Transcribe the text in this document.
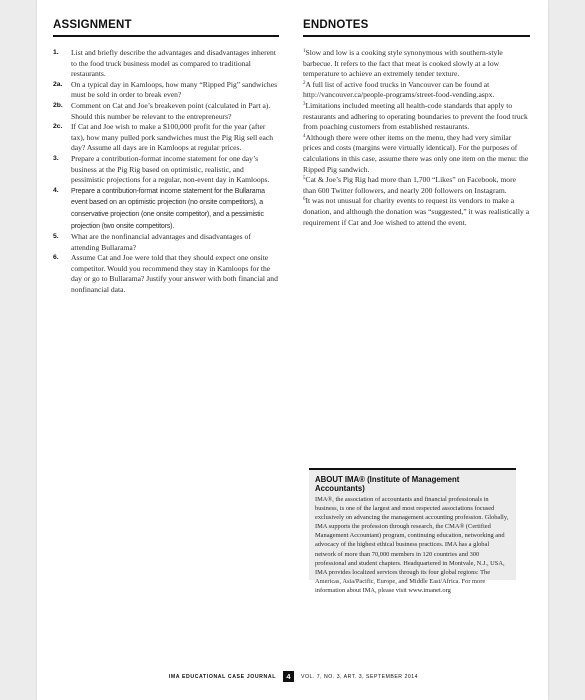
ASSIGNMENT
1. List and briefly describe the advantages and disadvantages inherent to the food truck business model as compared to traditional restaurants.
2a. On a typical day in Kamloops, how many “Ripped Pig” sandwiches must be sold in order to break even?
2b. Comment on Cat and Joe’s breakeven point (calculated in Part a). Should this number be relevant to the entrepreneurs?
2c. If Cat and Joe wish to make a $100,000 profit for the year (after tax), how many pulled pork sandwiches must the Pig Rig sell each day? Assume all days are in Kamloops at regular prices.
3. Prepare a contribution-format income statement for one day’s business at the Pig Rig based on optimistic, realistic, and pessimistic projections for a regular, non-event day in Kamloops.
4. Prepare a contribution-format income statement for the Bullarama event based on an optimistic projection (no onsite competitors), a conservative projection (one onsite competitor), and a pessimistic projection (two onsite competitors).
5. What are the nonfinancial advantages and disadvantages of attending Bullarama?
6. Assume Cat and Joe were told that they should expect one onsite competitor. Would you recommend they stay in Kamloops for the day or go to Bullarama? Justify your answer with both financial and nonfinancial data.
ENDNOTES

$^1$Slow and low is a cooking style synonymous with southern-style barbecue. It refers to the fact that meat is cooked slowly at a low temperature to achieve an extremely tender texture.

$^2$A full list of active food trucks in Vancouver can be found at http://vancouver.ca/people-programs/street-food-vending.aspx.

$^3$Limitations included meeting all health-code standards that apply to restaurants and adhering to operating boundaries to prevent the food truck from poaching customers from established restaurants.

$^4$Although there were other items on the menu, they had very similar prices and costs (margins were virtually identical). For the purposes of calculations in this case, assume there was only one item on the menu: the Ripped Pig sandwich.

$^5$Cat & Joe’s Pig Rig had more than 1,700 “Likes” on Facebook, more than 600 Twitter followers, and nearly 200 followers on Instagram.

$^6$It was not unusual for charity events to request its vendors to make a donation, and although the donation was “suggested,” it was realistically a requirement if Cat and Joe wished to attend the event.

ABOUT IMA® (Institute of Management Accountants)
IMA®, the association of accountants and financial professionals in business, is one of the largest and most respected associations focused exclusively on advancing the management accounting profession. Globally, IMA supports the profession through research, the CMA® (Certified Management Accountant) program, continuing education, networking and advocacy of the highest ethical business practices. IMA has a global network of more than 70,000 members in 120 countries and 300 professional and student chapters. Headquartered in Montvale, N.J., USA, IMA provides localized services through its four global regions: The Americas, Asia/Pacific, Europe, and Middle East/Africa. For more information about IMA, please visit www.imanet.org
IMA EDUCATIONAL CASE JOURNAL	4	VOL. 7, NO. 3, ART. 3, SEPTEMBER 2014
